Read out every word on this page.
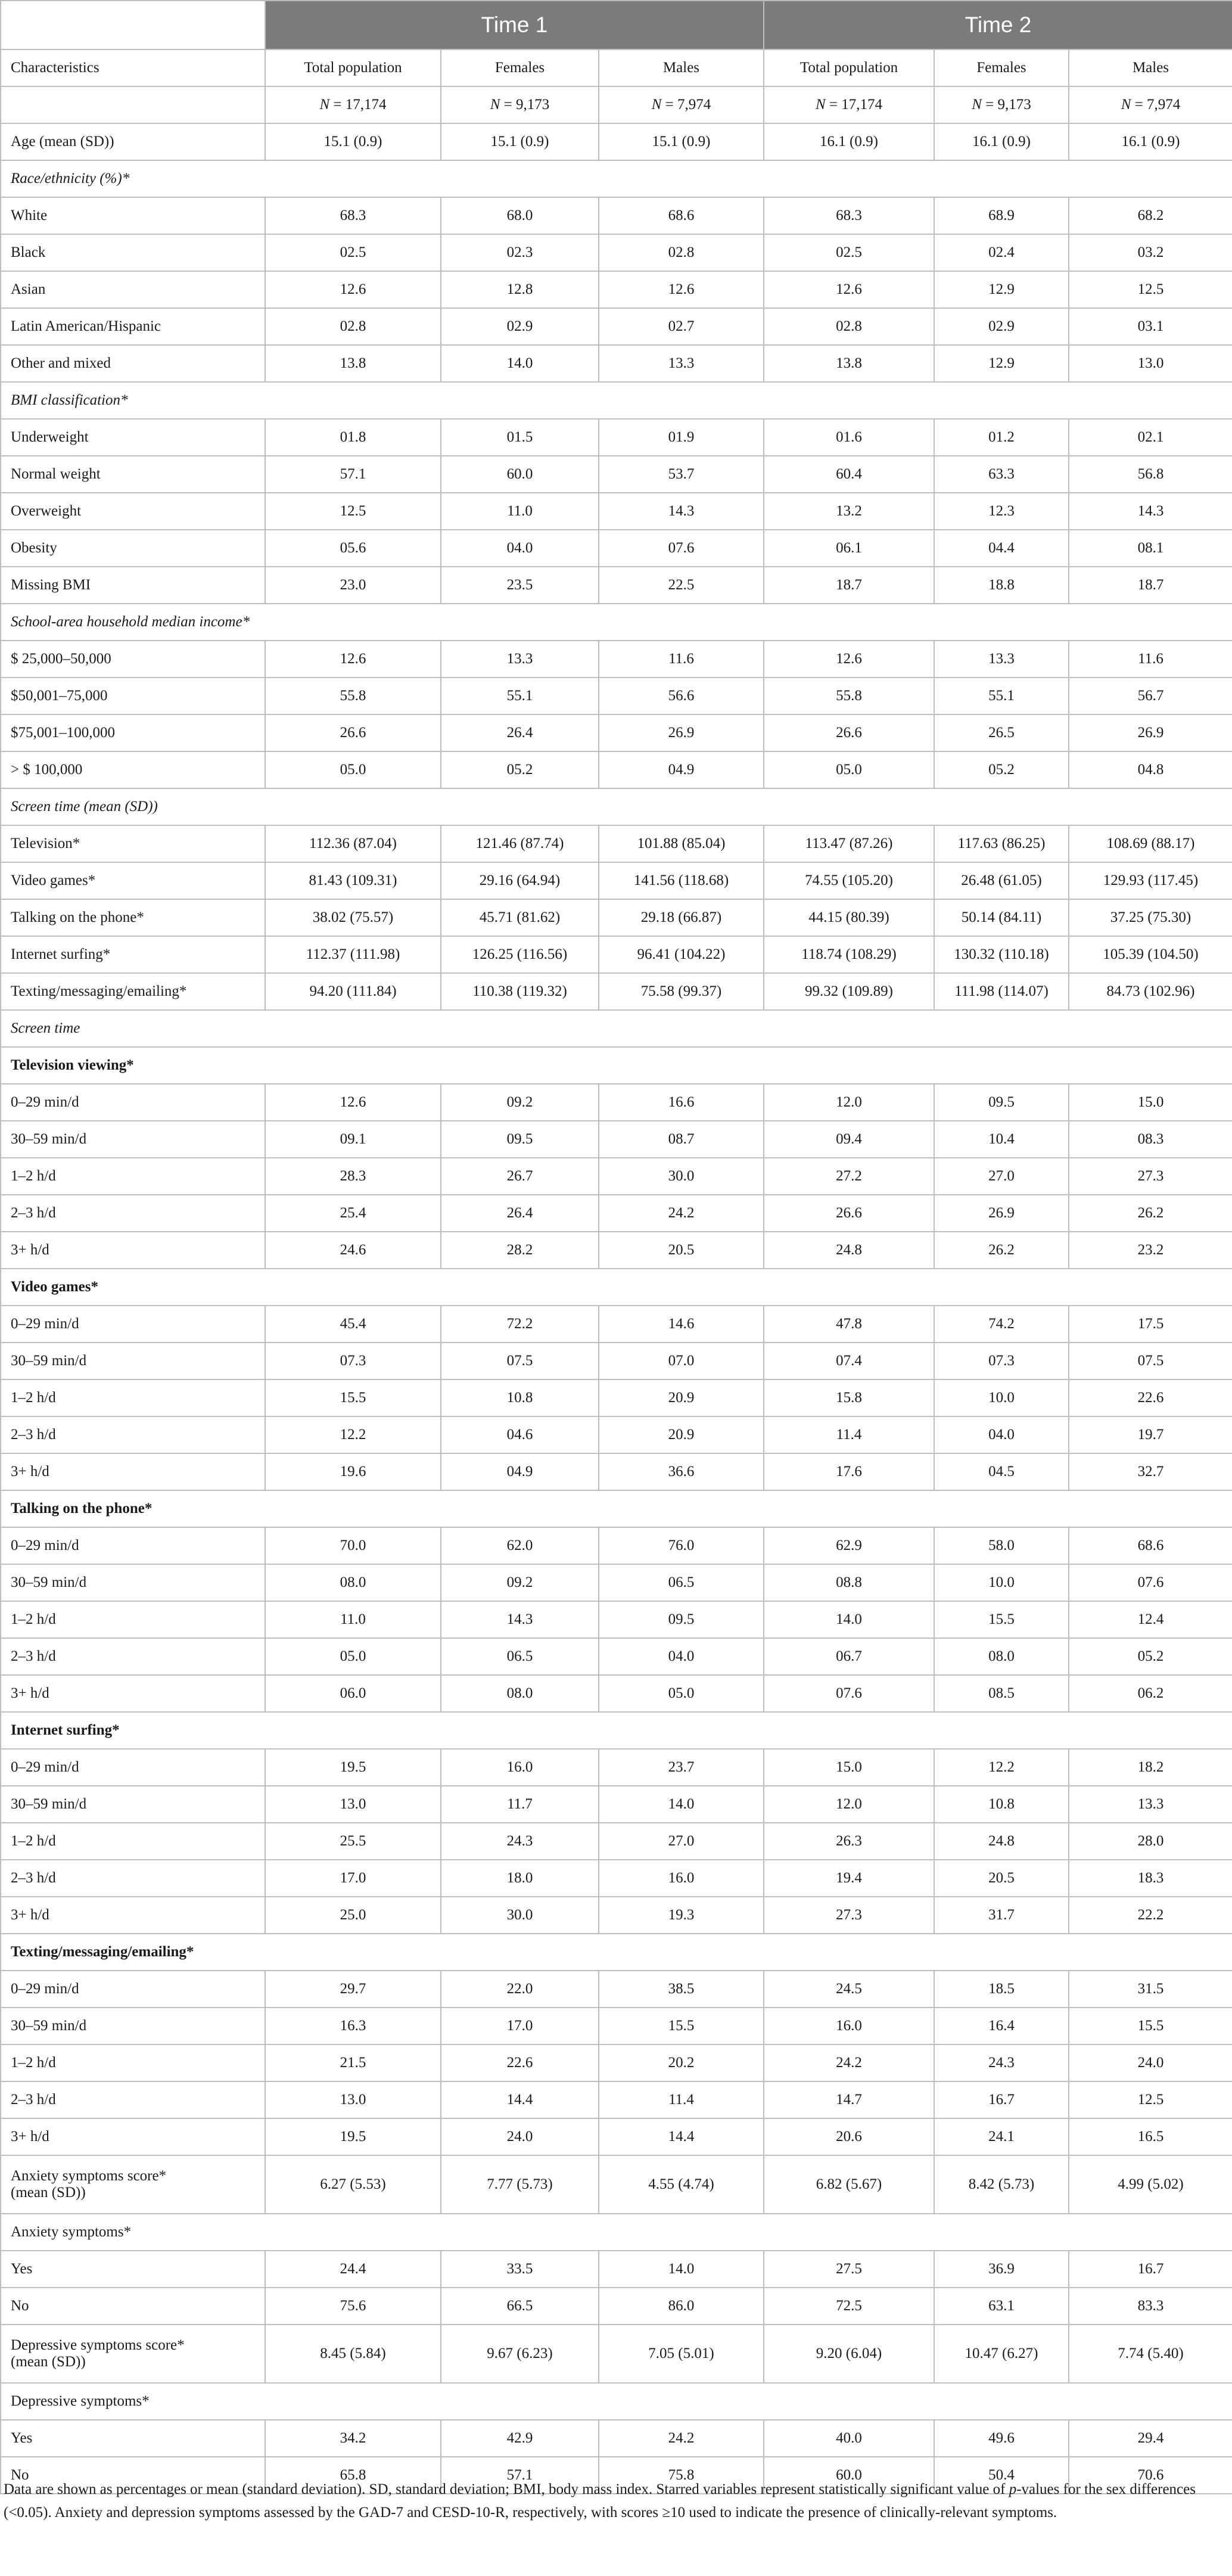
	Time 1			Time 2		
Characteristics	Total population	Females	Males	Total population	Females	Males
	N = 17,174	N = 9,173	N = 7,974	N = 17,174	N = 9,173	N = 7,974
Age (mean (SD))	15.1 (0.9)	15.1 (0.9)	15.1 (0.9)	16.1 (0.9)	16.1 (0.9)	16.1 (0.9)
Race/ethnicity (%)*						
White	68.3	68.0	68.6	68.3	68.9	68.2
Black	02.5	02.3	02.8	02.5	02.4	03.2
Asian	12.6	12.8	12.6	12.6	12.9	12.5
Latin American/Hispanic	02.8	02.9	02.7	02.8	02.9	03.1
Other and mixed	13.8	14.0	13.3	13.8	12.9	13.0
BMI classification*						
Underweight	01.8	01.5	01.9	01.6	01.2	02.1
Normal weight	57.1	60.0	53.7	60.4	63.3	56.8
Overweight	12.5	11.0	14.3	13.2	12.3	14.3
Obesity	05.6	04.0	07.6	06.1	04.4	08.1
Missing BMI	23.0	23.5	22.5	18.7	18.8	18.7
School-area household median income*						
$ 25,000–50,000	12.6	13.3	11.6	12.6	13.3	11.6
$50,001–75,000	55.8	55.1	56.6	55.8	55.1	56.7
$75,001–100,000	26.6	26.4	26.9	26.6	26.5	26.9
> $ 100,000	05.0	05.2	04.9	05.0	05.2	04.8
Screen time (mean (SD))						
Television*	112.36 (87.04)	121.46 (87.74)	101.88 (85.04)	113.47 (87.26)	117.63 (86.25)	108.69 (88.17)
Video games*	81.43 (109.31)	29.16 (64.94)	141.56 (118.68)	74.55 (105.20)	26.48 (61.05)	129.93 (117.45)
Talking on the phone*	38.02 (75.57)	45.71 (81.62)	29.18 (66.87)	44.15 (80.39)	50.14 (84.11)	37.25 (75.30)
Internet surfing*	112.37 (111.98)	126.25 (116.56)	96.41 (104.22)	118.74 (108.29)	130.32 (110.18)	105.39 (104.50)
Texting/messaging/emailing*	94.20 (111.84)	110.38 (119.32)	75.58 (99.37)	99.32 (109.89)	111.98 (114.07)	84.73 (102.96)
Screen time						
Television viewing*						
0–29 min/d	12.6	09.2	16.6	12.0	09.5	15.0
30–59 min/d	09.1	09.5	08.7	09.4	10.4	08.3
1–2 h/d	28.3	26.7	30.0	27.2	27.0	27.3
2–3 h/d	25.4	26.4	24.2	26.6	26.9	26.2
3+ h/d	24.6	28.2	20.5	24.8	26.2	23.2
Video games*						
0–29 min/d	45.4	72.2	14.6	47.8	74.2	17.5
30–59 min/d	07.3	07.5	07.0	07.4	07.3	07.5
1–2 h/d	15.5	10.8	20.9	15.8	10.0	22.6
2–3 h/d	12.2	04.6	20.9	11.4	04.0	19.7
3+ h/d	19.6	04.9	36.6	17.6	04.5	32.7
Talking on the phone*						
0–29 min/d	70.0	62.0	76.0	62.9	58.0	68.6
30–59 min/d	08.0	09.2	06.5	08.8	10.0	07.6
1–2 h/d	11.0	14.3	09.5	14.0	15.5	12.4
2–3 h/d	05.0	06.5	04.0	06.7	08.0	05.2
3+ h/d	06.0	08.0	05.0	07.6	08.5	06.2
Internet surfing*						
0–29 min/d	19.5	16.0	23.7	15.0	12.2	18.2
30–59 min/d	13.0	11.7	14.0	12.0	10.8	13.3
1–2 h/d	25.5	24.3	27.0	26.3	24.8	28.0
2–3 h/d	17.0	18.0	16.0	19.4	20.5	18.3
3+ h/d	25.0	30.0	19.3	27.3	31.7	22.2
Texting/messaging/emailing*						
0–29 min/d	29.7	22.0	38.5	24.5	18.5	31.5
30–59 min/d	16.3	17.0	15.5	16.0	16.4	15.5
1–2 h/d	21.5	22.6	20.2	24.2	24.3	24.0
2–3 h/d	13.0	14.4	11.4	14.7	16.7	12.5
3+ h/d	19.5	24.0	14.4	20.6	24.1	16.5
Anxiety symptoms score*
(mean (SD))	6.27 (5.53)	7.77 (5.73)	4.55 (4.74)	6.82 (5.67)	8.42 (5.73)	4.99 (5.02)
Anxiety symptoms*						
Yes	24.4	33.5	14.0	27.5	36.9	16.7
No	75.6	66.5	86.0	72.5	63.1	83.3
Depressive symptoms score*
(mean (SD))	8.45 (5.84)	9.67 (6.23)	7.05 (5.01)	9.20 (6.04)	10.47 (6.27)	7.74 (5.40)
Depressive symptoms*						
Yes	34.2	42.9	24.2	40.0	49.6	29.4
No	65.8	57.1	75.8	60.0	50.4	70.6
Data are shown as percentages or mean (standard deviation). SD, standard deviation; BMI, body mass index. Starred variables represent statistically significant value of p-values for the sex differences (<0.05). Anxiety and depression symptoms assessed by the GAD-7 and CESD-10-R, respectively, with scores ≥10 used to indicate the presence of clinically-relevant symptoms.
